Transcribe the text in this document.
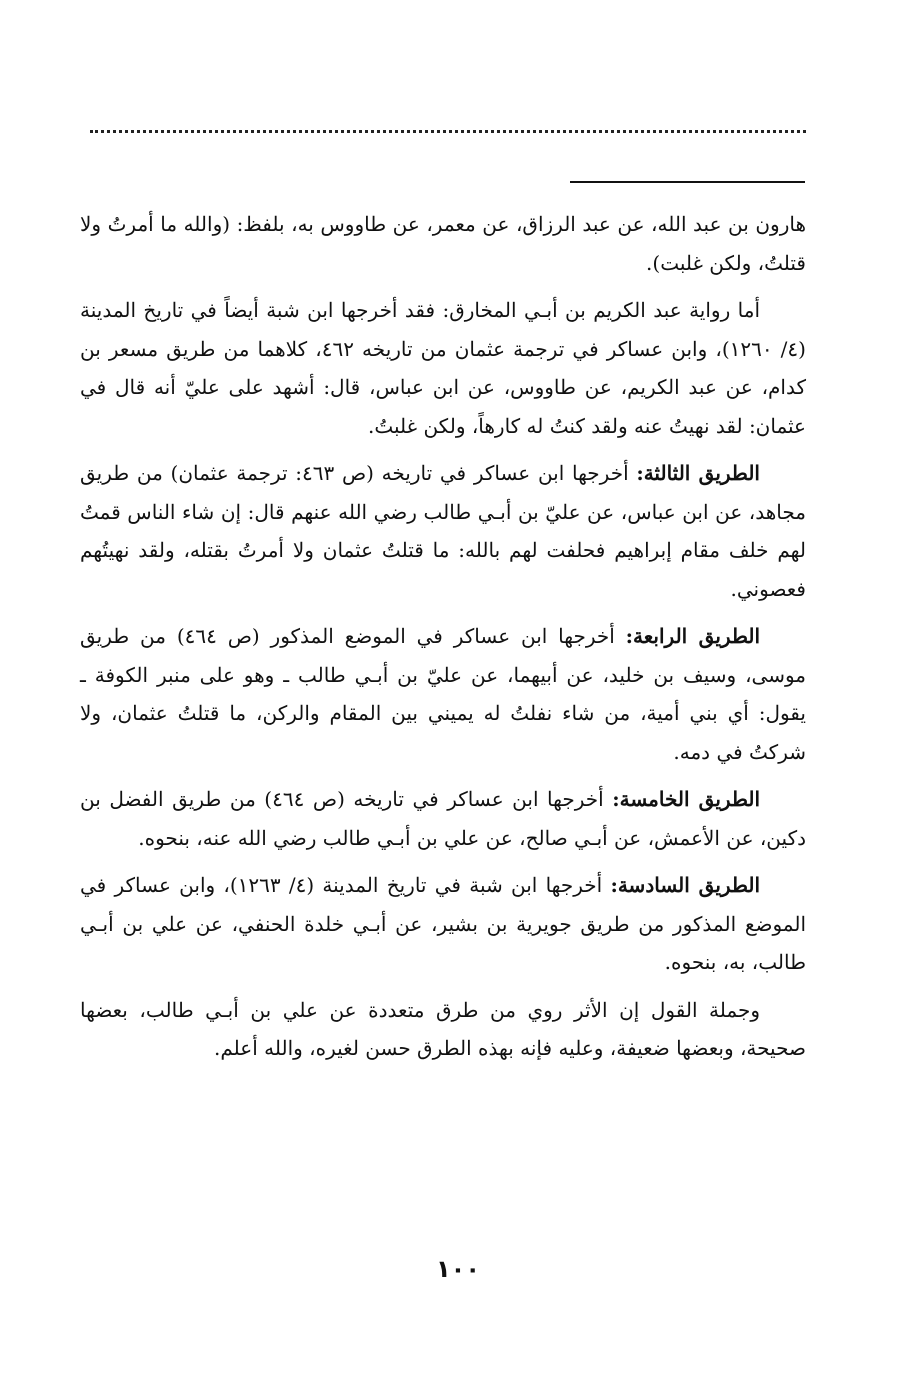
هارون بن عبد الله، عن عبد الرزاق، عن معمر، عن طاووس به، بلفظ: (والله ما أمرتُ ولا قتلتُ، ولكن غلبت).

أما رواية عبد الكريم بن أبـي المخارق: فقد أخرجها ابن شبة أيضاً في تاريخ المدينة (٤/ ١٢٦٠)، وابن عساكر في ترجمة عثمان من تاريخه ٤٦٢، كلاهما من طريق مسعر بن كدام، عن عبد الكريم، عن طاووس، عن ابن عباس، قال: أشهد على عليّ أنه قال في عثمان: لقد نهيتُ عنه ولقد كنتُ له كارهاً، ولكن غلبتُ.

الطريق الثالثة: أخرجها ابن عساكر في تاريخه (ص ٤٦٣: ترجمة عثمان) من طريق مجاهد، عن ابن عباس، عن عليّ بن أبـي طالب رضي الله عنهم قال: إن شاء الناس قمتُ لهم خلف مقام إبراهيم فحلفت لهم بالله: ما قتلتُ عثمان ولا أمرتُ بقتله، ولقد نهيتُهم فعصوني.

الطريق الرابعة: أخرجها ابن عساكر في الموضع المذكور (ص ٤٦٤) من طريق موسى، وسيف بن خليد، عن أبيهما، عن عليّ بن أبـي طالب ـ وهو على منبر الكوفة ـ يقول: أي بني أمية، من شاء نفلتُ له يميني بين المقام والركن، ما قتلتُ عثمان، ولا شركتُ في دمه.

الطريق الخامسة: أخرجها ابن عساكر في تاريخه (ص ٤٦٤) من طريق الفضل بن دكين، عن الأعمش، عن أبـي صالح، عن علي بن أبـي طالب رضي الله عنه، بنحوه.

الطريق السادسة: أخرجها ابن شبة في تاريخ المدينة (٤/ ١٢٦٣)، وابن عساكر في الموضع المذكور من طريق جويرية بن بشير، عن أبـي خلدة الحنفي، عن علي بن أبـي طالب، به، بنحوه.

وجملة القول إن الأثر روي من طرق متعددة عن علي بن أبـي طالب، بعضها صحيحة، وبعضها ضعيفة، وعليه فإنه بهذه الطرق حسن لغيره، والله أعلم.

١٠٠
